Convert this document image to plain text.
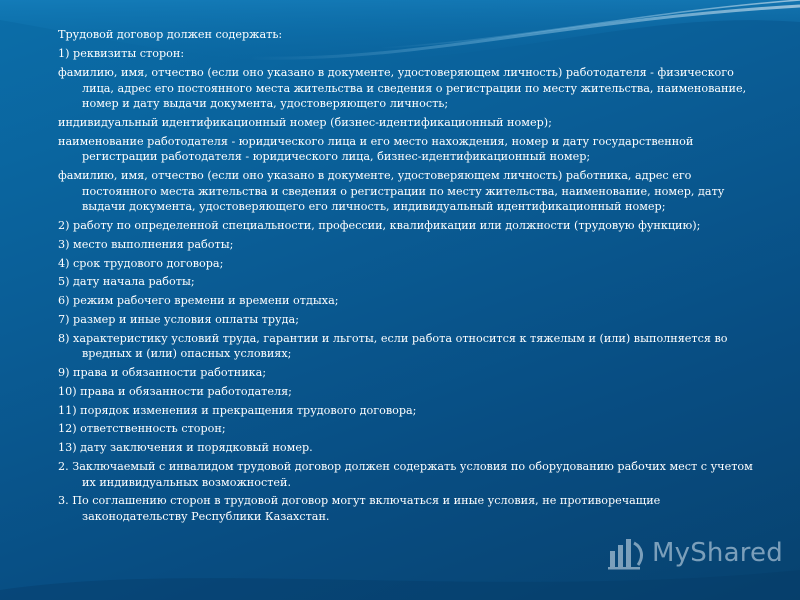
Трудовой договор должен содержать:

1) реквизиты сторон:

фамилию, имя, отчество (если оно указано в документе, удостоверяющем личность) работодателя - физического лица, адрес его постоянного места жительства и сведения о регистрации по месту жительства, наименование, номер и дату выдачи документа, удостоверяющего личность;

индивидуальный идентификационный номер (бизнес-идентификационный номер);

наименование работодателя - юридического лица и его место нахождения, номер и дату государственной регистрации работодателя - юридического лица, бизнес-идентификационный номер;

фамилию, имя, отчество (если оно указано в документе, удостоверяющем личность) работника, адрес его постоянного места жительства и сведения о регистрации по месту жительства, наименование, номер, дату выдачи документа, удостоверяющего его личность, индивидуальный идентификационный номер;

2) работу по определенной специальности, профессии, квалификации или должности (трудовую функцию);

3) место выполнения работы;

4) срок трудового договора;

5) дату начала работы;

6) режим рабочего времени и времени отдыха;

7) размер и иные условия оплаты труда;

8) характеристику условий труда, гарантии и льготы, если работа относится к тяжелым и (или) выполняется во вредных и (или) опасных условиях;

9) права и обязанности работника;

10) права и обязанности работодателя;

11) порядок изменения и прекращения трудового договора;

12) ответственность сторон;

13) дату заключения и порядковый номер.

2. Заключаемый с инвалидом трудовой договор должен содержать условия по оборудованию рабочих мест с учетом их индивидуальных возможностей.

3. По соглашению сторон в трудовой договор могут включаться и иные условия, не противоречащие законодательству Республики Казахстан.

MyShared
